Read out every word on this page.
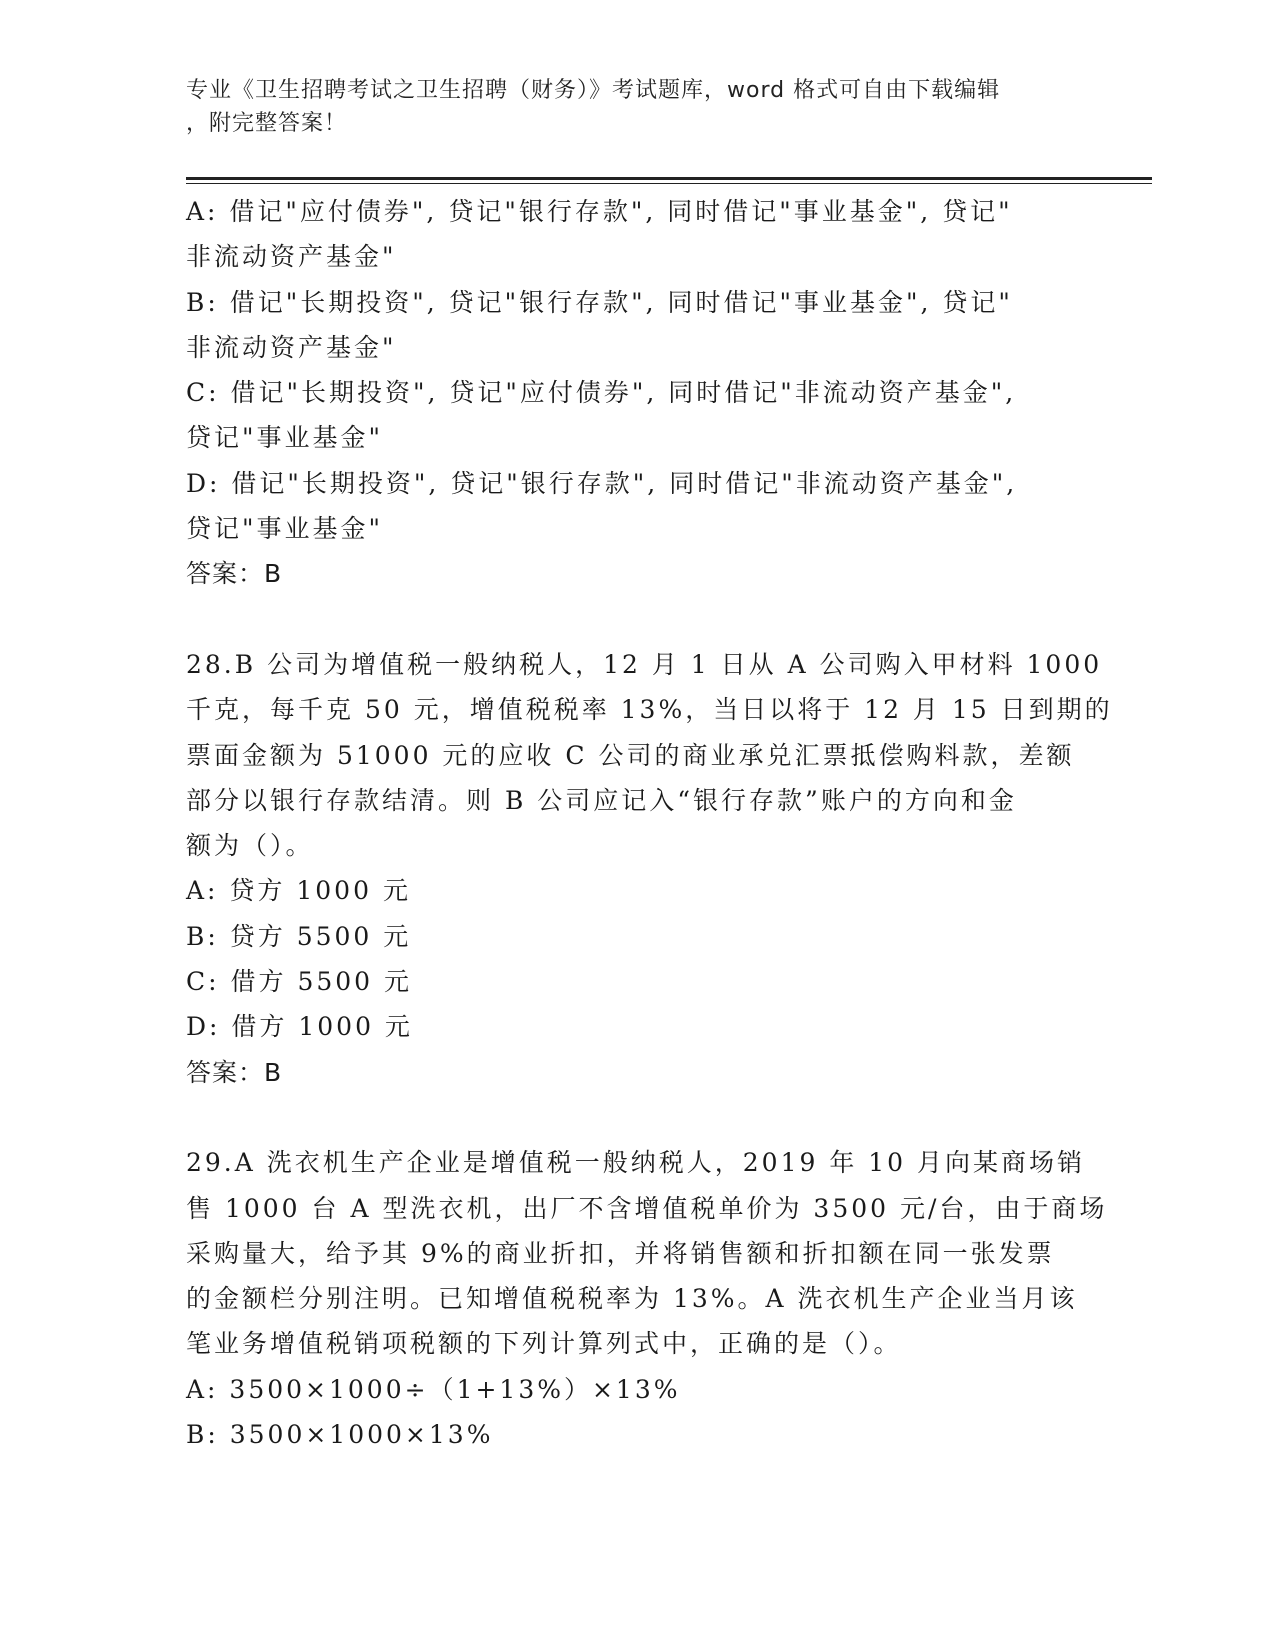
专业《卫生招聘考试之卫生招聘（财务）》考试题库，word 格式可自由下载编辑
，附完整答案！
A: 借记"应付债券", 贷记"银行存款", 同时借记"事业基金", 贷记"
非流动资产基金"
B: 借记"长期投资", 贷记"银行存款", 同时借记"事业基金", 贷记"
非流动资产基金"
C: 借记"长期投资", 贷记"应付债券", 同时借记"非流动资产基金",
贷记"事业基金"
D: 借记"长期投资", 贷记"银行存款", 同时借记"非流动资产基金",
贷记"事业基金"
答案：B
28.B 公司为增值税一般纳税人，12 月 1 日从 A 公司购入甲材料 1000
千克，每千克 50 元，增值税税率 13%，当日以将于 12 月 15 日到期的
票面金额为 51000 元的应收 C 公司的商业承兑汇票抵偿购料款，差额
部分以银行存款结清。则 B 公司应记入“银行存款”账户的方向和金
额为（）。
A: 贷方 1000 元
B: 贷方 5500 元
C: 借方 5500 元
D: 借方 1000 元
答案：B
29.A 洗衣机生产企业是增值税一般纳税人，2019 年 10 月向某商场销
售 1000 台 A 型洗衣机，出厂不含增值税单价为 3500 元/台，由于商场
采购量大，给予其 9%的商业折扣，并将销售额和折扣额在同一张发票
的金额栏分别注明。已知增值税税率为 13%。A 洗衣机生产企业当月该
笔业务增值税销项税额的下列计算列式中，正确的是（）。
A: 3500×1000÷（1+13%）×13%
B: 3500×1000×13%
